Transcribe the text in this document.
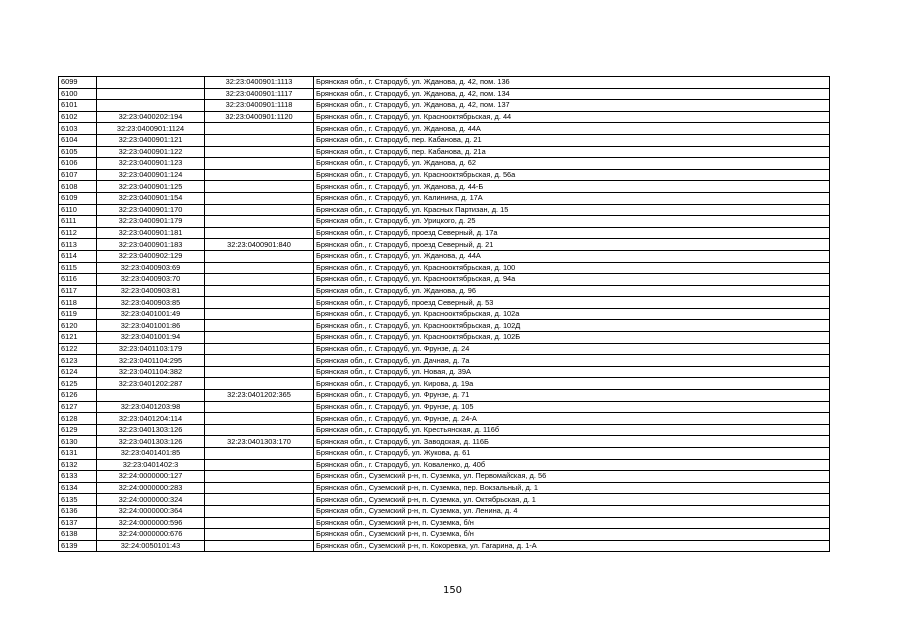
6099		32:23:0400901:1113	Брянская обл., г. Стародуб, ул. Жданова, д. 42, пом. 136
6100		32:23:0400901:1117	Брянская обл., г. Стародуб, ул. Жданова, д. 42, пом. 134
6101		32:23:0400901:1118	Брянская обл., г. Стародуб, ул. Жданова, д. 42, пом. 137
6102	32:23:0400202:194	32:23:0400901:1120	Брянская обл., г. Стародуб, ул. Краснооктябрьская, д. 44
6103	32:23:0400901:1124		Брянская обл., г. Стародуб, ул. Жданова, д. 44А
6104	32:23:0400901:121		Брянская обл., г. Стародуб, пер. Кабанова, д. 21
6105	32:23:0400901:122		Брянская обл., г. Стародуб, пер. Кабанова, д. 21а
6106	32:23:0400901:123		Брянская обл., г. Стародуб, ул. Жданова, д. 62
6107	32:23:0400901:124		Брянская обл., г. Стародуб, ул. Краснооктябрьская, д. 56а
6108	32:23:0400901:125		Брянская обл., г. Стародуб, ул. Жданова, д. 44-Б
6109	32:23:0400901:154		Брянская обл., г. Стародуб, ул. Калинина, д. 17А
6110	32:23:0400901:170		Брянская обл., г. Стародуб, ул. Красных Партизан, д. 15
6111	32:23:0400901:179		Брянская обл., г. Стародуб, ул. Урицкого, д. 25
6112	32:23:0400901:181		Брянская обл., г. Стародуб, проезд Северный, д. 17а
6113	32:23:0400901:183	32:23:0400901:840	Брянская обл., г. Стародуб, проезд Северный, д. 21
6114	32:23:0400902:129		Брянская обл., г. Стародуб, ул. Жданова, д. 44А
6115	32:23:0400903:69		Брянская обл., г. Стародуб, ул. Краснооктябрьская, д. 100
6116	32:23:0400903:70		Брянская обл., г. Стародуб, ул. Краснооктябрьская, д. 94а
6117	32:23:0400903:81		Брянская обл., г. Стародуб, ул. Жданова, д. 96
6118	32:23:0400903:85		Брянская обл., г. Стародуб, проезд Северный, д. 53
6119	32:23:0401001:49		Брянская обл., г. Стародуб, ул. Краснооктябрьская, д. 102а
6120	32:23:0401001:86		Брянская обл., г. Стародуб, ул. Краснооктябрьская, д. 102Д
6121	32:23:0401001:94		Брянская обл., г. Стародуб, ул. Краснооктябрьская, д. 102Б
6122	32:23:0401103:179		Брянская обл., г. Стародуб, ул. Фрунзе, д. 24
6123	32:23:0401104:295		Брянская обл., г. Стародуб, ул. Дачная, д. 7а
6124	32:23:0401104:382		Брянская обл., г. Стародуб, ул. Новая, д. 39А
6125	32:23:0401202:287		Брянская обл., г. Стародуб, ул. Кирова, д. 19а
6126		32:23:0401202:365	Брянская обл., г. Стародуб, ул. Фрунзе, д. 71
6127	32:23:0401203:98		Брянская обл., г. Стародуб, ул. Фрунзе, д. 105
6128	32:23:0401204:114		Брянская обл., г. Стародуб, ул. Фрунзе, д. 24-А
6129	32:23:0401303:126		Брянская обл., г. Стародуб, ул. Крестьянская, д. 116б
6130	32:23:0401303:126	32:23:0401303:170	Брянская обл., г. Стародуб, ул. Заводская, д. 116Б
6131	32:23:0401401:85		Брянская обл., г. Стародуб, ул. Жукова, д. 61
6132	32:23:0401402:3		Брянская обл., г. Стародуб, ул. Коваленко, д. 40б
6133	32:24:0000000:127		Брянская обл., Суземский р-н, п. Суземка, ул. Первомайская, д. 56
6134	32:24:0000000:283		Брянская обл., Суземский р-н, п. Суземка, пер. Вокзальный, д. 1
6135	32:24:0000000:324		Брянская обл., Суземский р-н, п. Суземка, ул. Октябрьская, д. 1
6136	32:24:0000000:364		Брянская обл., Суземский р-н, п. Суземка, ул. Ленина, д. 4
6137	32:24:0000000:596		Брянская обл., Суземский р-н, п. Суземка, б/н
6138	32:24:0000000:676		Брянская обл., Суземский р-н, п. Суземка, б/н
6139	32:24:0050101:43		Брянская обл., Суземский р-н, п. Кокоревка, ул. Гагарина, д. 1-А
150
